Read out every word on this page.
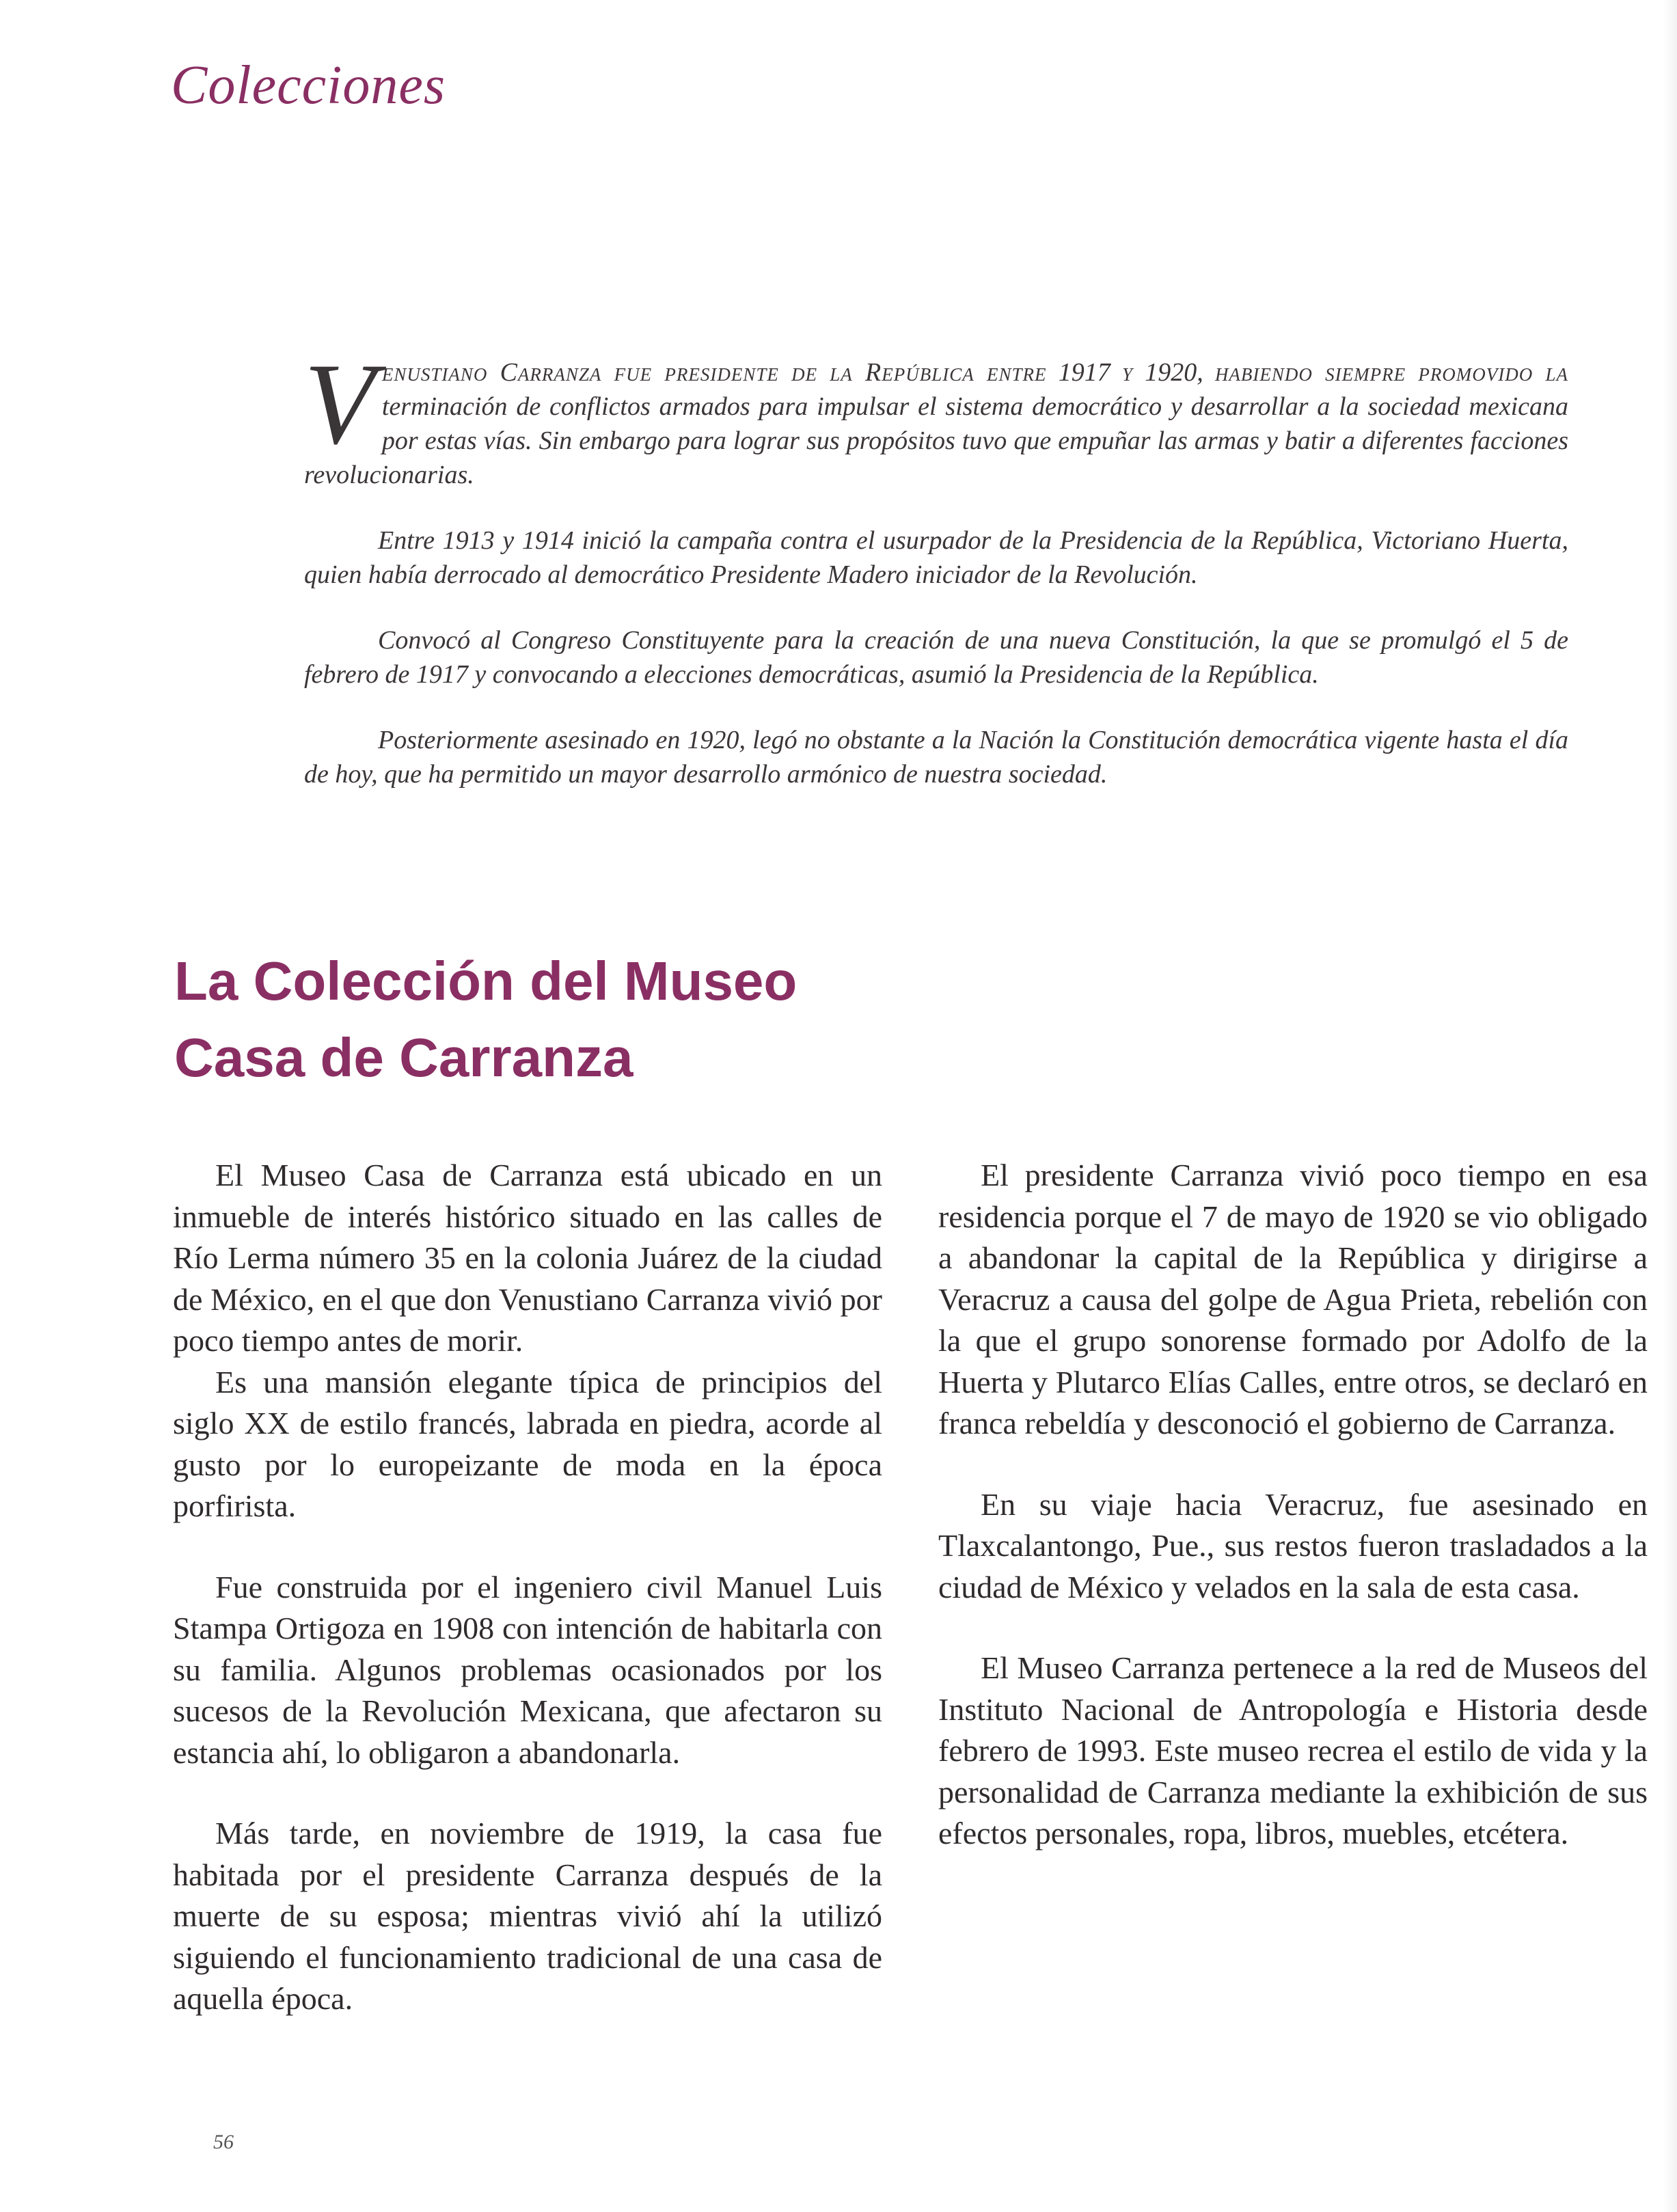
Colecciones

Venustiano Carranza fue presidente de la República entre 1917 y 1920, habiendo siempre promovido la terminación de conflictos armados para impulsar el sistema democrático y desarrollar a la sociedad mexicana por estas vías. Sin embargo para lograr sus propósitos tuvo que empuñar las armas y batir a diferentes facciones revolucionarias.

Entre 1913 y 1914 inició la campaña contra el usurpador de la Presidencia de la República, Victoriano Huerta, quien había derrocado al democrático Presidente Madero iniciador de la Revolución.

Convocó al Congreso Constituyente para la creación de una nueva Constitución, la que se promulgó el 5 de febrero de 1917 y convocando a elecciones democráticas, asumió la Presidencia de la República.

Posteriormente asesinado en 1920, legó no obstante a la Nación la Constitución democrática vigente hasta el día de hoy, que ha permitido un mayor desarrollo armónico de nuestra sociedad.

La Colección del Museo
Casa de Carranza

El Museo Casa de Carranza está ubicado en un inmueble de interés histórico situado en las calles de Río Lerma número 35 en la colonia Juárez de la ciudad de México, en el que don Venustiano Carranza vivió por poco tiempo antes de morir.

Es una mansión elegante típica de principios del siglo XX de estilo francés, labrada en piedra, acorde al gusto por lo europeizante de moda en la época porfirista.

Fue construida por el ingeniero civil Manuel Luis Stampa Ortigoza en 1908 con intención de habitarla con su familia. Algunos problemas ocasionados por los sucesos de la Revolución Mexicana, que afectaron su estancia ahí, lo obligaron a abandonarla.

Más tarde, en noviembre de 1919, la casa fue habitada por el presidente Carranza después de la muerte de su esposa; mientras vivió ahí la utilizó siguiendo el funcionamiento tradicional de una casa de aquella época.

El presidente Carranza vivió poco tiempo en esa residencia porque el 7 de mayo de 1920 se vio obligado a abandonar la capital de la República y dirigirse a Veracruz a causa del golpe de Agua Prieta, rebelión con la que el grupo sonorense formado por Adolfo de la Huerta y Plutarco Elías Calles, entre otros, se declaró en franca rebeldía y desconoció el gobierno de Carranza.

En su viaje hacia Veracruz, fue asesinado en Tlaxcalantongo, Pue., sus restos fueron trasladados a la ciudad de México y velados en la sala de esta casa.

El Museo Carranza pertenece a la red de Museos del Instituto Nacional de Antropología e Historia desde febrero de 1993. Este museo recrea el estilo de vida y la personalidad de Carranza mediante la exhibición de sus efectos personales, ropa, libros, muebles, etcétera.

56
